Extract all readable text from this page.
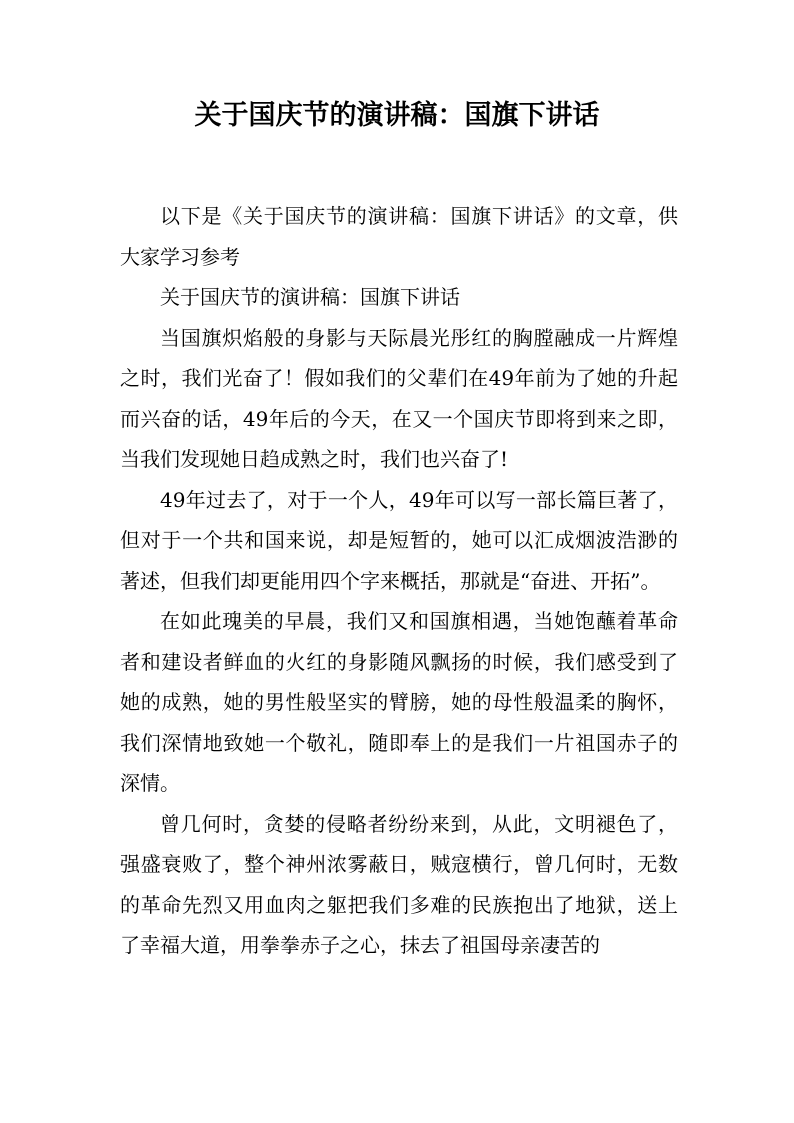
关于国庆节的演讲稿：国旗下讲话

以下是《关于国庆节的演讲稿：国旗下讲话》的文章，供大家学习参考

关于国庆节的演讲稿：国旗下讲话

当国旗炽焰般的身影与天际晨光彤红的胸膛融成一片辉煌之时，我们光奋了！假如我们的父辈们在49年前为了她的升起而兴奋的话，49年后的今天，在又一个国庆节即将到来之即，当我们发现她日趋成熟之时，我们也兴奋了!

49年过去了，对于一个人，49年可以写一部长篇巨著了，但对于一个共和国来说，却是短暂的，她可以汇成烟波浩渺的著述，但我们却更能用四个字来概括，那就是“奋进、开拓”。

在如此瑰美的早晨，我们又和国旗相遇，当她饱蘸着革命者和建设者鲜血的火红的身影随风飘扬的时候，我们感受到了她的成熟，她的男性般坚实的臂膀，她的母性般温柔的胸怀，我们深情地致她一个敬礼，随即奉上的是我们一片祖国赤子的深情。

曾几何时，贪婪的侵略者纷纷来到，从此，文明褪色了，强盛衰败了，整个神州浓雾蔽日，贼寇横行，曾几何时，无数的革命先烈又用血肉之躯把我们多难的民族抱出了地狱，送上了幸福大道，用拳拳赤子之心，抹去了祖国母亲凄苦的
